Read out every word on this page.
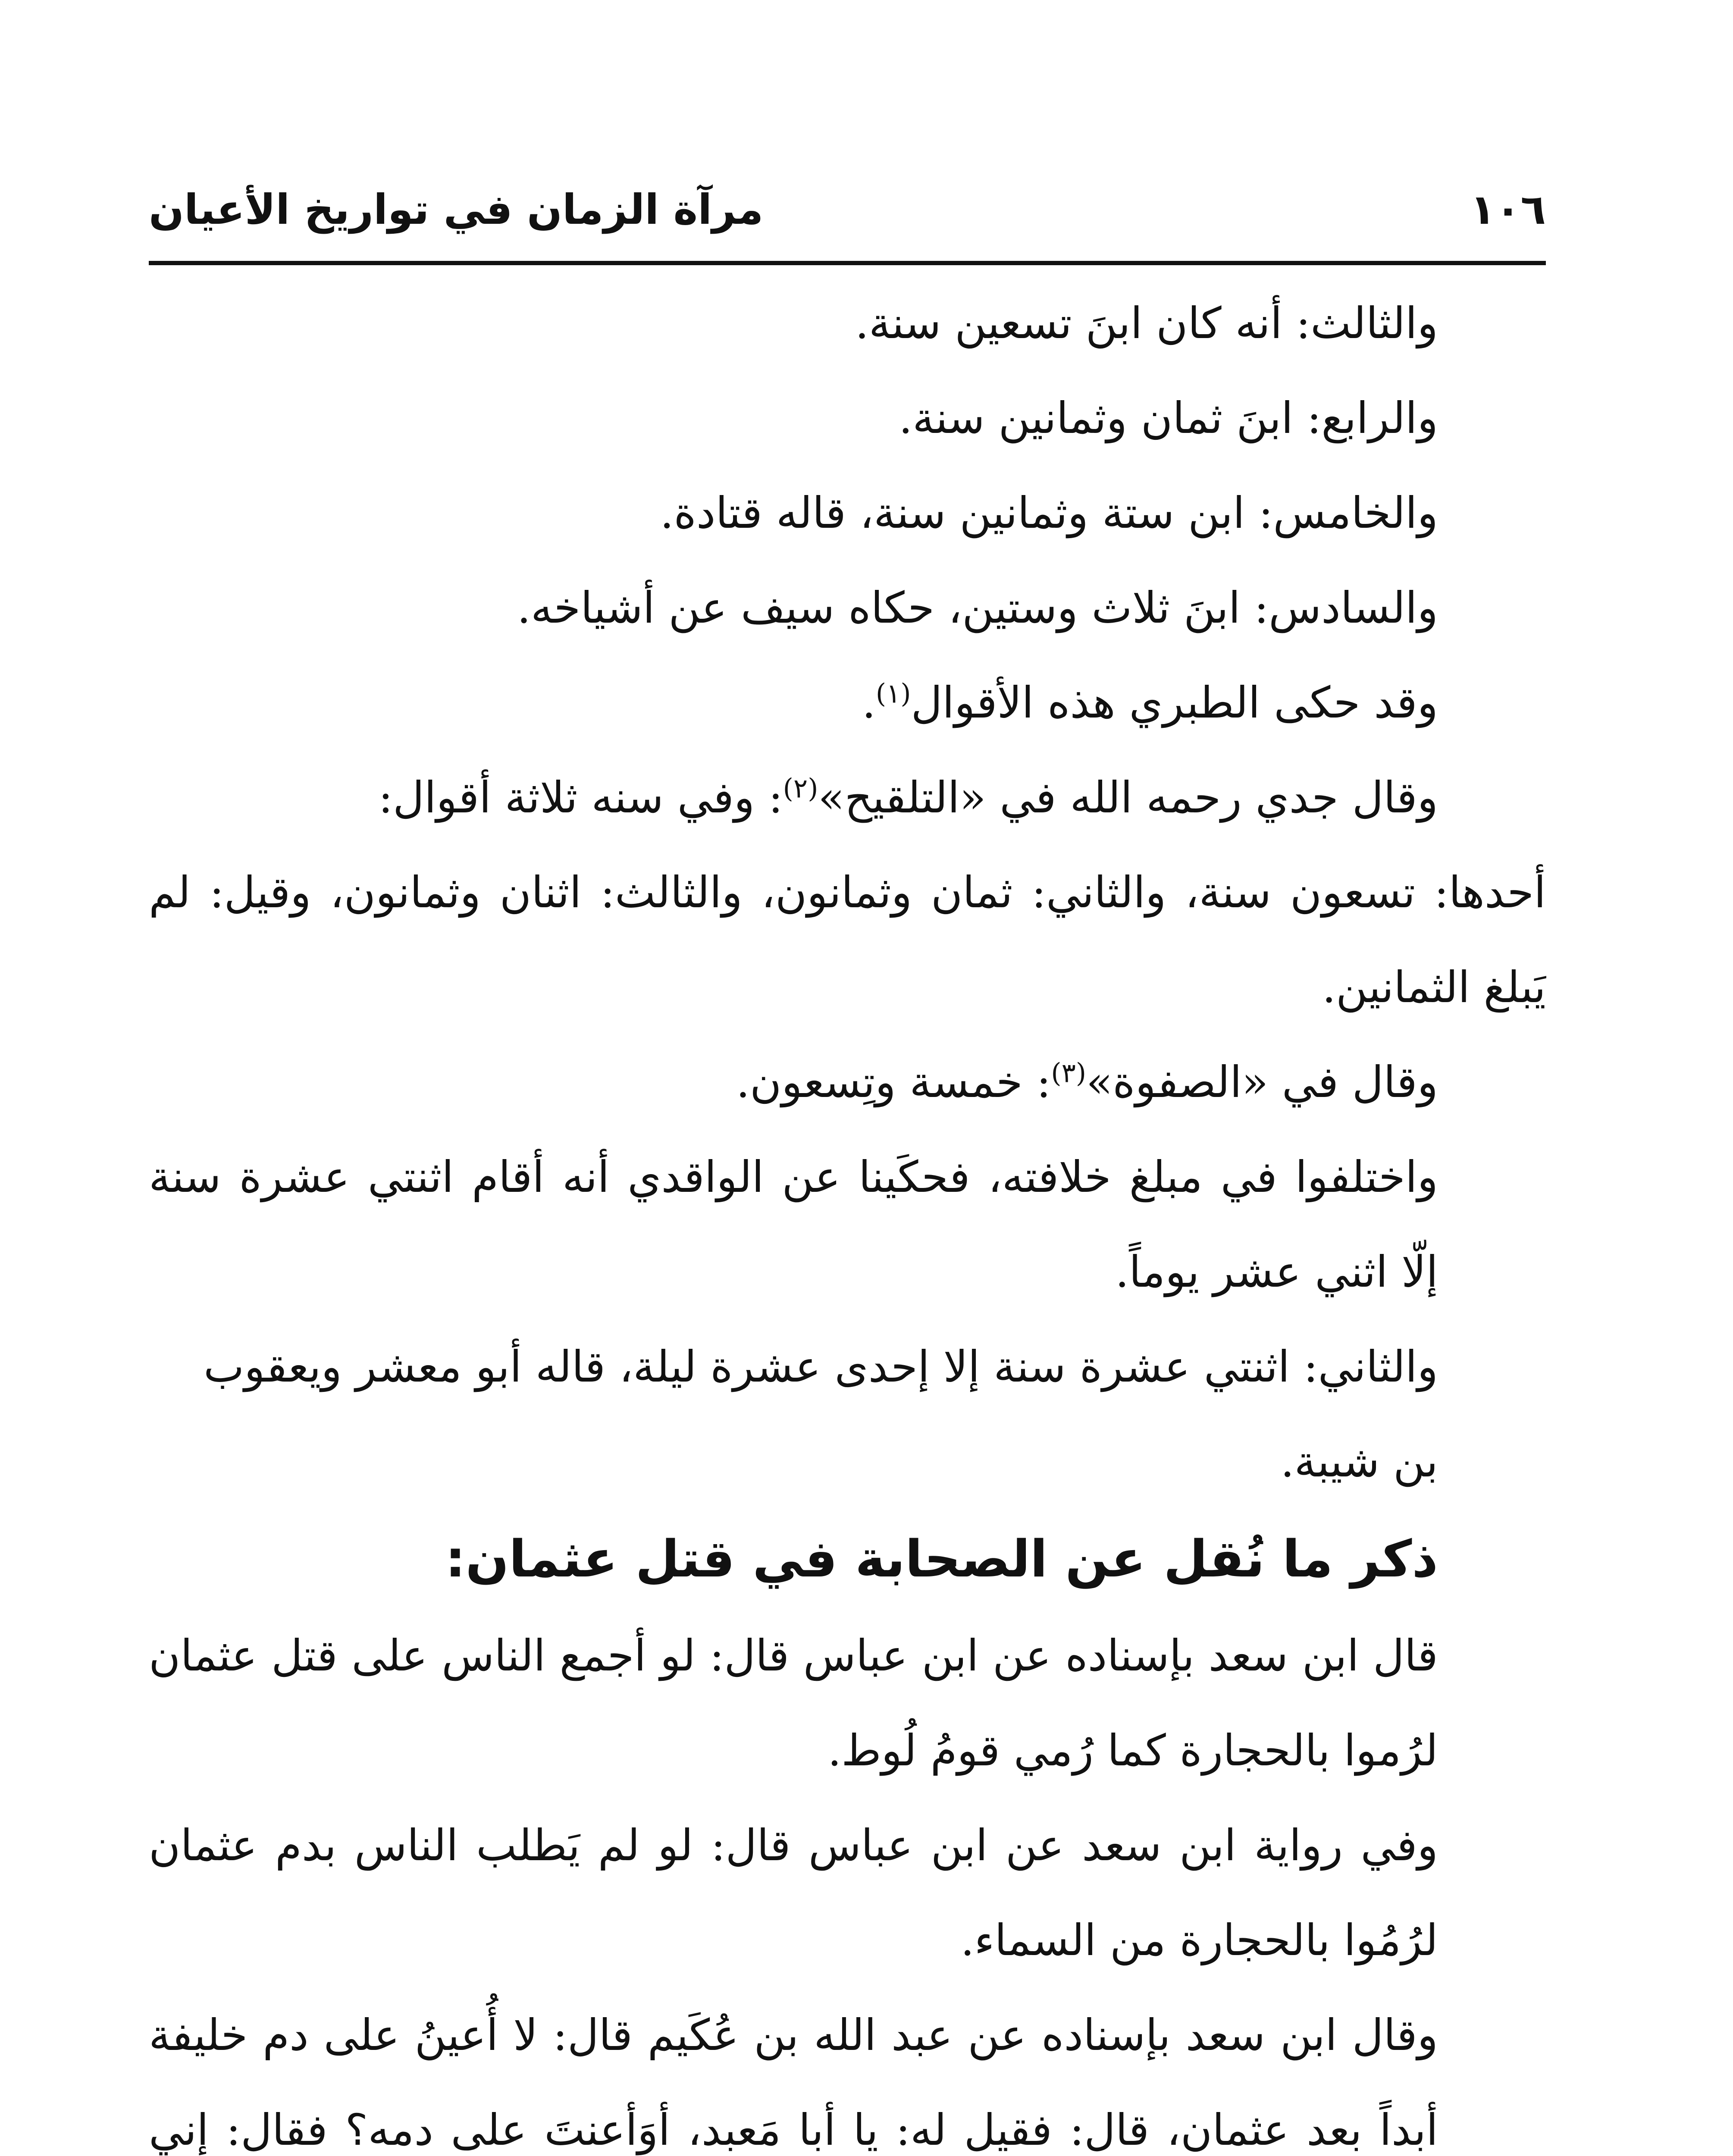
١٠٦
مرآة الزمان في تواريخ الأعيان

والثالث: أنه كان ابنَ تسعين سنة.

والرابع: ابنَ ثمان وثمانين سنة.

والخامس: ابن ستة وثمانين سنة، قاله قتادة.

والسادس: ابنَ ثلاث وستين، حكاه سيف عن أشياخه.

وقد حكى الطبري هذه الأقوال$^{(١)}$.

وقال جدي رحمه الله في «التلقيح»$^{(٢)}$: وفي سنه ثلاثة أقوال:

أحدها: تسعون سنة، والثاني: ثمان وثمانون، والثالث: اثنان وثمانون، وقيل: لم يَبلغ الثمانين.

وقال في «الصفوة»$^{(٣)}$: خمسة وتِسعون.

واختلفوا في مبلغ خلافته، فحكَينا عن الواقدي أنه أقام اثنتي عشرة سنة إلّا اثني عشر يوماً.

والثاني: اثنتي عشرة سنة إلا إحدى عشرة ليلة، قاله أبو معشر ويعقوب بن شيبة.

ذكر ما نُقل عن الصحابة في قتل عثمان:

قال ابن سعد بإسناده عن ابن عباس قال: لو أجمع الناس على قتل عثمان لرُموا بالحجارة كما رُمي قومُ لُوط.

وفي رواية ابن سعد عن ابن عباس قال: لو لم يَطلب الناس بدم عثمان لرُمُوا بالحجارة من السماء.

وقال ابن سعد بإسناده عن عبد الله بن عُكَيم قال: لا أُعينُ على دم خليفة أبداً بعد عثمان، قال: فقيل له: يا أبا مَعبد، أوَأعنتَ على دمه؟ فقال: إني
